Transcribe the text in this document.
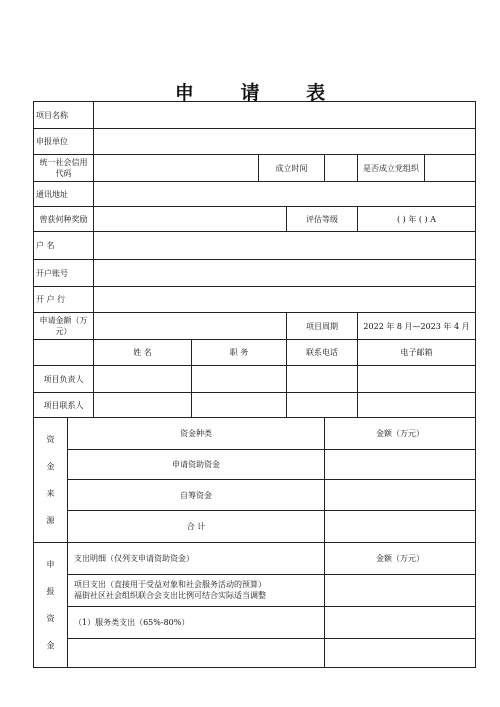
申 请 表
项目名称								
申报单位								
统一社会信用代码				成立时间			是否成立党组织	
通讯地址								
曾获何种奖励					评估等级		( ) 年 ( ) A	
户 名								
开户账号								
开 户 行								
申请金额（万元）					项目周期		2022 年 8 月—2023 年 4 月	
		姓 名	职 务		联系电话		电子邮箱	
项目负责人								
项目联系人								

资
金
来
源	资金种类					金额（万元）		
	申请资助资金							
	自筹资金							
	合 计							

申
报
资
金	支出明细（仅列支申请资助资金）					金额（万元）		

	项目支出（直接用于受益对象和社会服务活动的预算）
福街社区社会组织联合会支出比例可结合实际适当调整							

	（1）服务类支出（65%-80%）							
